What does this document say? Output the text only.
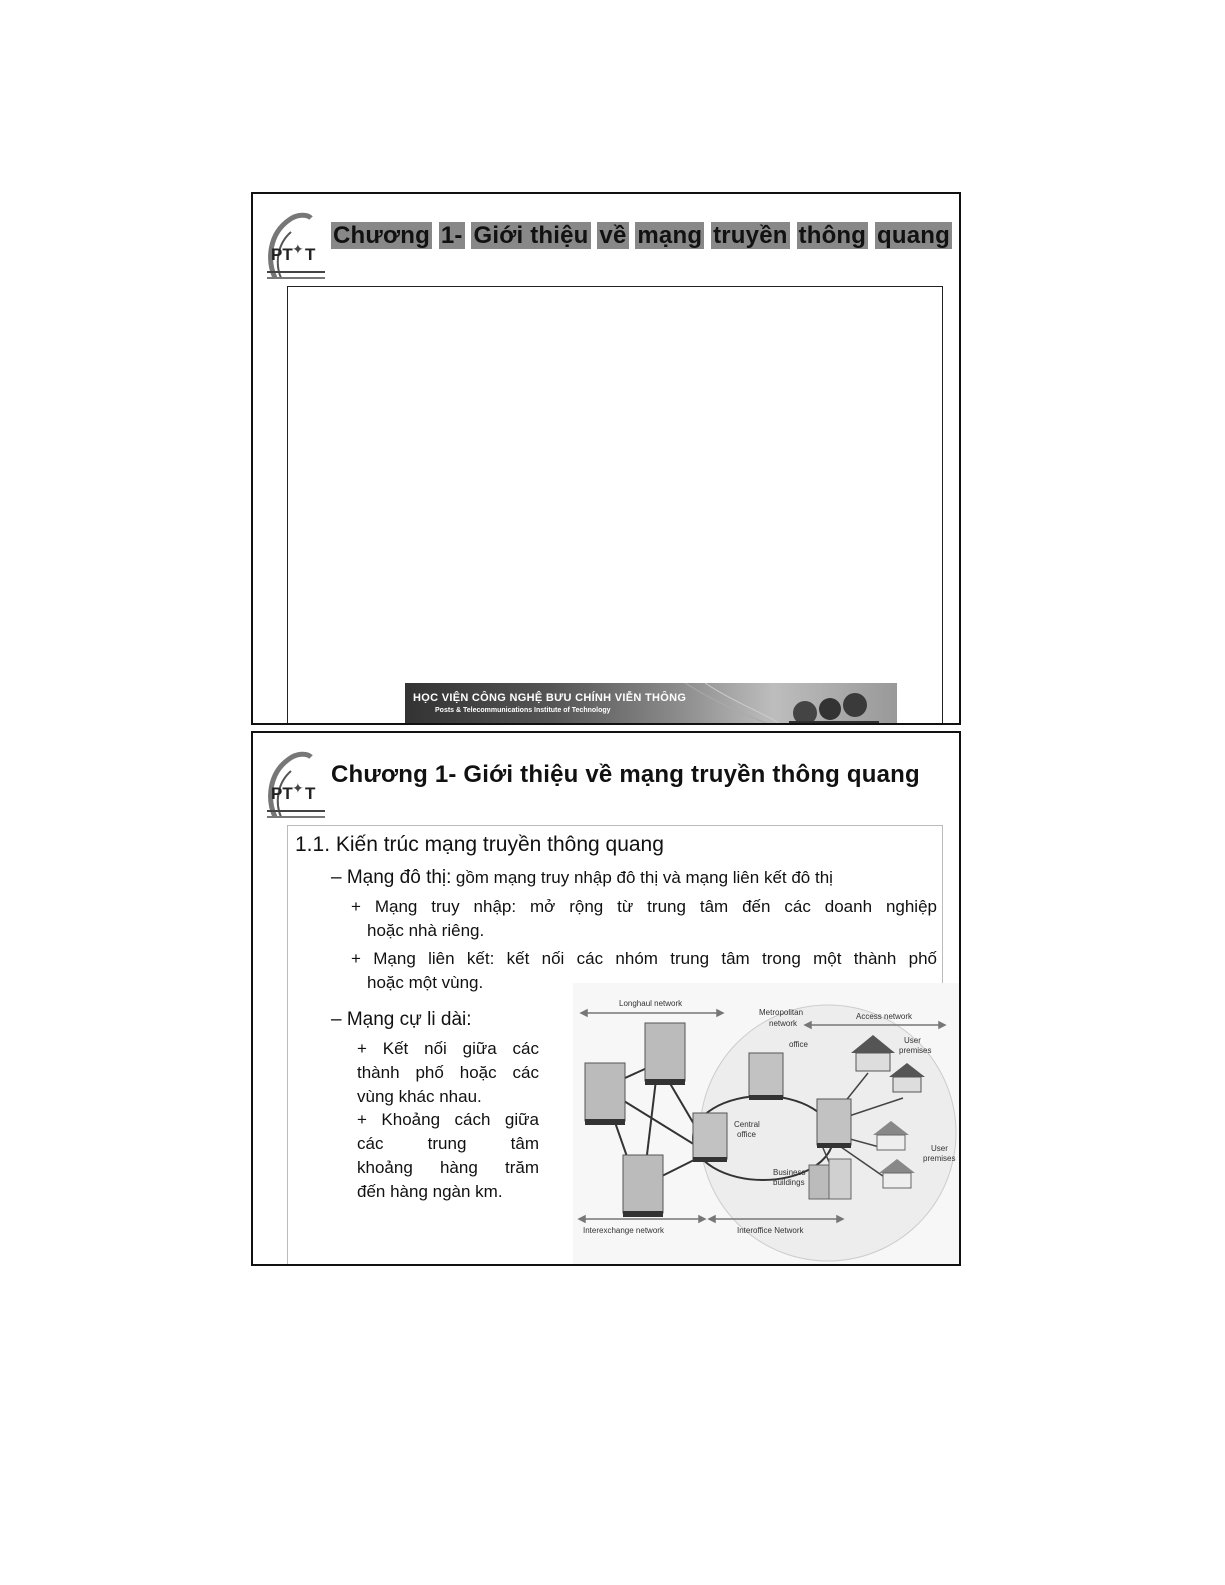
PT ✦ T
Chương 1- Giới thiệu về mạng truyền thông quang
HỌC VIỆN CÔNG NGHỆ BƯU CHÍNH VIỄN THÔNG
Posts & Telecommunications Institute of Technology
PT ✦ T
Chương 1- Giới thiệu về mạng truyền thông quang
1.1. Kiến trúc mạng truyền thông quang
– Mạng đô thị: gồm mạng truy nhập đô thị và mạng liên kết đô thị
+ Mạng truy nhập: mở rộng từ trung tâm đến các doanh nghiệp
hoặc nhà riêng.
+ Mạng liên kết: kết nối các nhóm trung tâm trong một thành phố
hoặc một vùng.
– Mạng cự li dài:
+ Kết nối giữa các
thành phố hoặc các
vùng khác nhau.
+ Khoảng cách giữa
các trung tâm
khoảng hàng trăm
đến hàng ngàn km.
Longhaul network
Metropolitan
network
Access network
office
Central
office
User
premises
User
premises
Business
buildings
Interexchange network	Interoffice Network
